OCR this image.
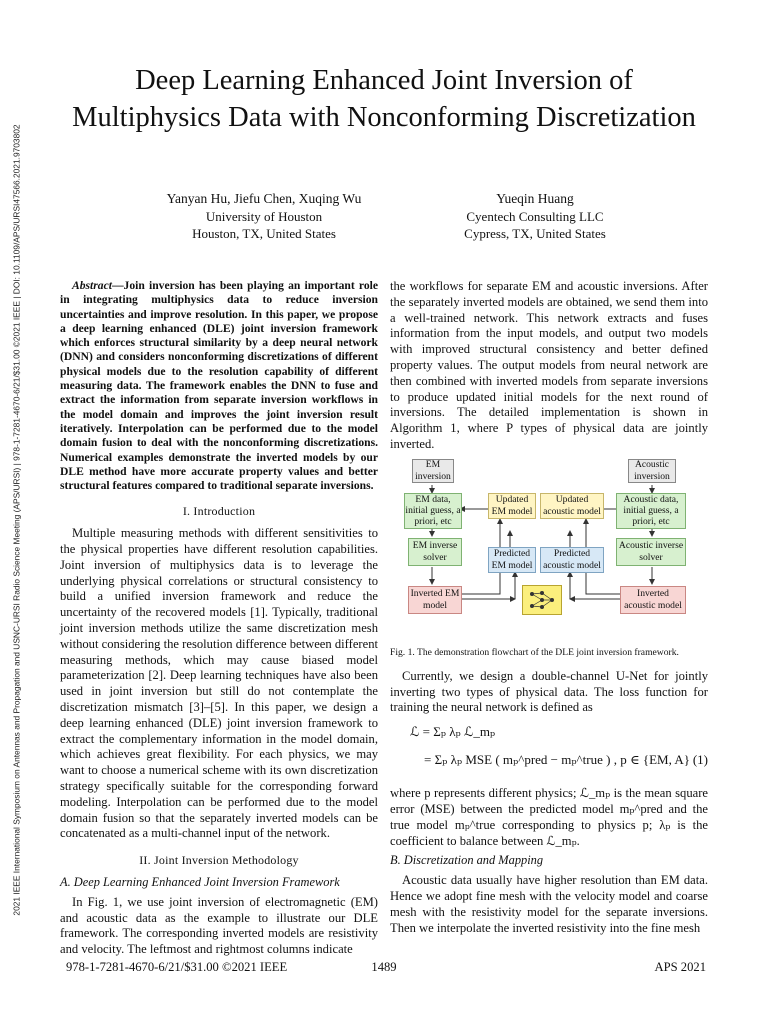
2021 IEEE International Symposium on Antennas and Propagation and USNC-URSI Radio Science Meeting (APS/URSI) | 978-1-7281-4670-6/21/$31.00 ©2021 IEEE | DOI: 10.1109/APS/URSI47566.2021.9703802
Deep Learning Enhanced Joint Inversion of Multiphysics Data with Nonconforming Discretization
Yanyan Hu, Jiefu Chen, Xuqing Wu
University of Houston
Houston, TX, United States
Yueqin Huang
Cyentech Consulting LLC
Cypress, TX, United States

Abstract—Join inversion has been playing an important role in integrating multiphysics data to reduce inversion uncertainties and improve resolution. In this paper, we propose a deep learning enhanced (DLE) joint inversion framework which enforces structural similarity by a deep neural network (DNN) and considers nonconforming discretizations of different physical models due to the resolution capability of different measuring data. The framework enables the DNN to fuse and extract the information from separate inversion workflows in the model domain and improves the joint inversion result iteratively. Interpolation can be performed due to the model domain fusion to deal with the nonconforming discretizations. Numerical examples demonstrate the inverted models by our DLE method have more accurate property values and better structural features compared to traditional separate inversions.

I. Introduction

Multiple measuring methods with different sensitivities to the physical properties have different resolution capabilities. Joint inversion of multiphysics data is to leverage the underlying physical correlations or structural consistency to build a unified inversion framework and reduce the uncertainty of the recovered models [1]. Typically, traditional joint inversion methods utilize the same discretization mesh without considering the resolution difference between different measuring methods, which may cause biased model parameterization [2]. Deep learning techniques have also been used in joint inversion but still do not contemplate the discretization mismatch [3]–[5]. In this paper, we design a deep learning enhanced (DLE) joint inversion framework to extract the complementary information in the model domain, which achieves great flexibility. For each physics, we may want to choose a numerical scheme with its own discretization strategy specifically suitable for the corresponding forward modeling. Interpolation can be performed due to the model domain fusion so that the separately inverted models can be concatenated as a multi-channel input of the network.

II. Joint Inversion Methodology
A. Deep Learning Enhanced Joint Inversion Framework

In Fig. 1, we use joint inversion of electromagnetic (EM) and acoustic data as the example to illustrate our DLE framework. The corresponding inverted models are resistivity and velocity. The leftmost and rightmost columns indicate

the workflows for separate EM and acoustic inversions. After the separately inverted models are obtained, we send them into a well-trained network. This network extracts and fuses information from the input models, and output two models with improved structural consistency and better defined property values. The output models from neural network are then combined with inverted models from separate inversions to produce updated initial models for the next round of inversions. The detailed implementation is shown in Algorithm 1, where P types of physical data are jointly inverted.

EM inversion
Acoustic inversion
EM data, initial guess, a priori, etc
Acoustic data, initial guess, a priori, etc
Updated EM model
Updated acoustic model
EM inverse solver
Acoustic inverse solver
Predicted EM model
Predicted acoustic model
Inverted EM model
Inverted acoustic model
Fig. 1. The demonstration flowchart of the DLE joint inversion framework.

Currently, we design a double-channel U-Net for jointly inverting two types of physical data. The loss function for training the neural network is defined as

ℒ = Σₚ λₚ ℒ_mₚ
= Σₚ λₚ MSE ( mₚ^pred − mₚ^true ) , p ∈ {EM, A} (1)

where p represents different physics; ℒ_mₚ is the mean square error (MSE) between the predicted model mₚ^pred and the true model mₚ^true corresponding to physics p; λₚ is the coefficient to balance between ℒ_mₚ.

B. Discretization and Mapping

Acoustic data usually have higher resolution than EM data. Hence we adopt fine mesh with the velocity model and coarse mesh with the resistivity model for the separate inversions. Then we interpolate the inverted resistivity into the fine mesh

978-1-7281-4670-6/21/$31.00 ©2021 IEEE	1489	APS 2021
